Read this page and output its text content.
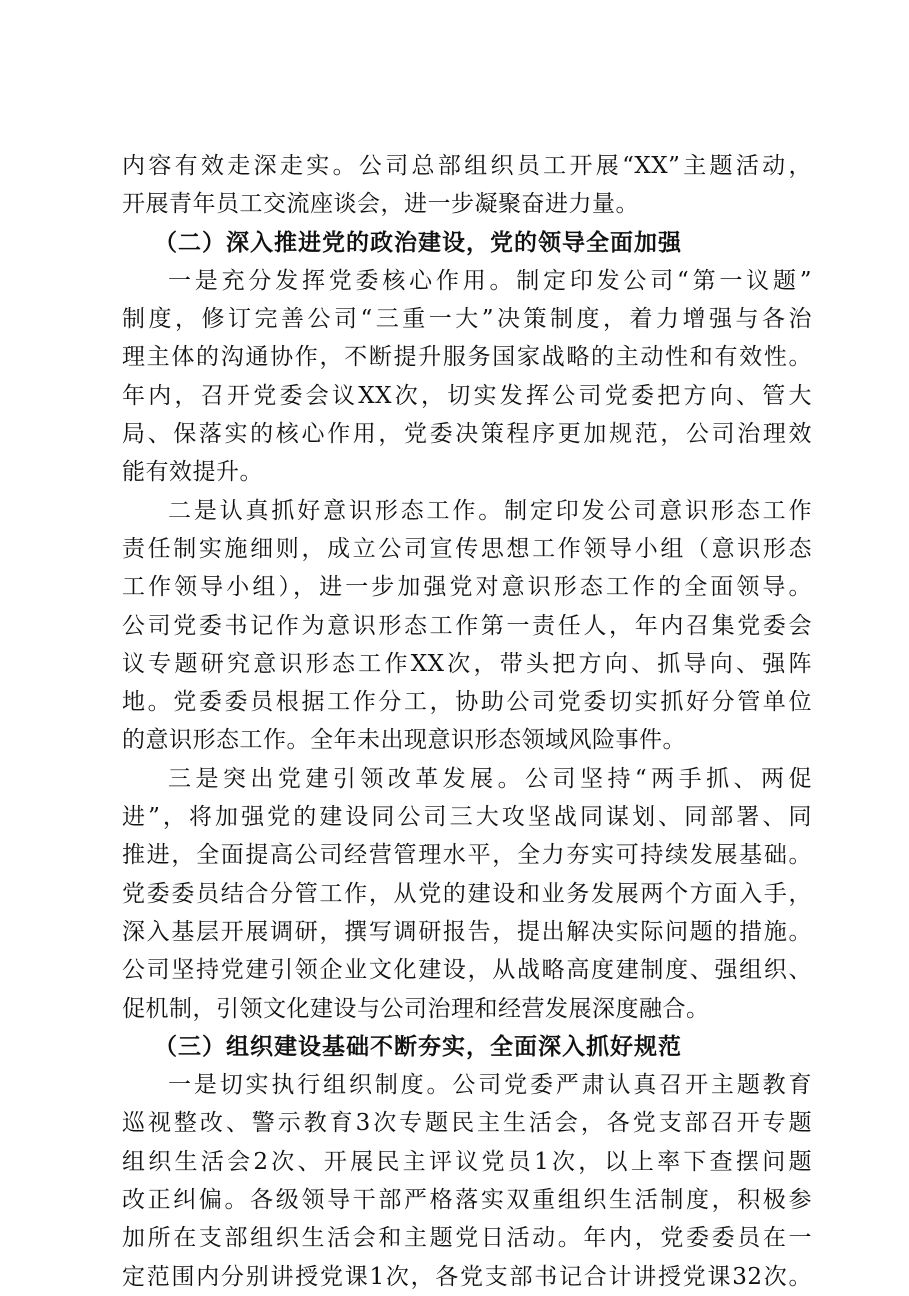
内容有效走深走实。公司总部组织员工开展“XX”主题活动，
开展青年员工交流座谈会，进一步凝聚奋进力量。
（二）深入推进党的政治建设，党的领导全面加强
一是充分发挥党委核心作用。制定印发公司“第一议题”
制度，修订完善公司“三重一大”决策制度，着力增强与各治
理主体的沟通协作，不断提升服务国家战略的主动性和有效性。
年内，召开党委会议XX次，切实发挥公司党委把方向、管大
局、保落实的核心作用，党委决策程序更加规范，公司治理效
能有效提升。
二是认真抓好意识形态工作。制定印发公司意识形态工作
责任制实施细则，成立公司宣传思想工作领导小组（意识形态
工作领导小组），进一步加强党对意识形态工作的全面领导。
公司党委书记作为意识形态工作第一责任人，年内召集党委会
议专题研究意识形态工作XX次，带头把方向、抓导向、强阵
地。党委委员根据工作分工，协助公司党委切实抓好分管单位
的意识形态工作。全年未出现意识形态领域风险事件。
三是突出党建引领改革发展。公司坚持“两手抓、两促
进”，将加强党的建设同公司三大攻坚战同谋划、同部署、同
推进，全面提高公司经营管理水平，全力夯实可持续发展基础。
党委委员结合分管工作，从党的建设和业务发展两个方面入手，
深入基层开展调研，撰写调研报告，提出解决实际问题的措施。
公司坚持党建引领企业文化建设，从战略高度建制度、强组织、
促机制，引领文化建设与公司治理和经营发展深度融合。
（三）组织建设基础不断夯实，全面深入抓好规范
一是切实执行组织制度。公司党委严肃认真召开主题教育
巡视整改、警示教育3次专题民主生活会，各党支部召开专题
组织生活会2次、开展民主评议党员1次，以上率下查摆问题
改正纠偏。各级领导干部严格落实双重组织生活制度，积极参
加所在支部组织生活会和主题党日活动。年内，党委委员在一
定范围内分别讲授党课1次，各党支部书记合计讲授党课32次。
